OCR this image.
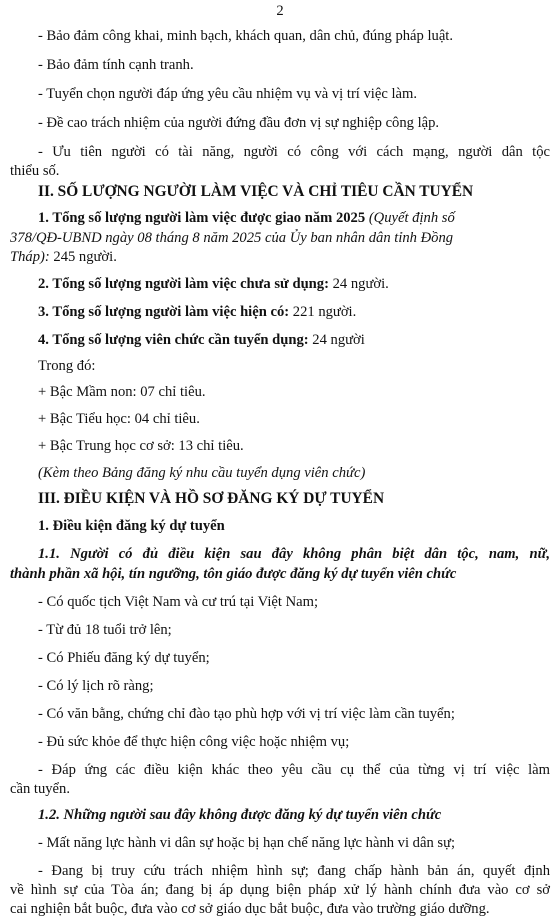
2
- Bảo đảm công khai, minh bạch, khách quan, dân chủ, đúng pháp luật.
- Bảo đảm tính cạnh tranh.
- Tuyển chọn người đáp ứng yêu cầu nhiệm vụ và vị trí việc làm.
- Đề cao trách nhiệm của người đứng đầu đơn vị sự nghiệp công lập.
- Ưu tiên người có tài năng, người có công với cách mạng, người dân tộc
thiểu số.
II. SỐ LƯỢNG NGƯỜI LÀM VIỆC VÀ CHỈ TIÊU CẦN TUYỂN
1. Tổng số lượng người làm việc được giao năm 2025 (Quyết định số
378/QĐ-UBND ngày 08 tháng 8 năm 2025 của Ủy ban nhân dân tỉnh Đồng
Tháp): 245 người.
2. Tổng số lượng người làm việc chưa sử dụng: 24 người.
3. Tổng số lượng người làm việc hiện có: 221 người.
4. Tổng số lượng viên chức cần tuyển dụng: 24 người
Trong đó:
+ Bậc Mầm non: 07 chỉ tiêu.
+ Bậc Tiểu học: 04 chỉ tiêu.
+ Bậc Trung học cơ sở: 13 chỉ tiêu.
(Kèm theo Bảng đăng ký nhu cầu tuyển dụng viên chức)
III. ĐIỀU KIỆN VÀ HỒ SƠ ĐĂNG KÝ DỰ TUYỂN
1. Điều kiện đăng ký dự tuyển
1.1. Người có đủ điều kiện sau đây không phân biệt dân tộc, nam, nữ,
thành phần xã hội, tín ngưỡng, tôn giáo được đăng ký dự tuyển viên chức
- Có quốc tịch Việt Nam và cư trú tại Việt Nam;
- Từ đủ 18 tuổi trở lên;
- Có Phiếu đăng ký dự tuyển;
- Có lý lịch rõ ràng;
- Có văn bằng, chứng chỉ đào tạo phù hợp với vị trí việc làm cần tuyển;
- Đủ sức khỏe để thực hiện công việc hoặc nhiệm vụ;
- Đáp ứng các điều kiện khác theo yêu cầu cụ thể của từng vị trí việc làm
cần tuyển.
1.2. Những người sau đây không được đăng ký dự tuyển viên chức
- Mất năng lực hành vi dân sự hoặc bị hạn chế năng lực hành vi dân sự;
- Đang bị truy cứu trách nhiệm hình sự; đang chấp hành bản án, quyết định
về hình sự của Tòa án; đang bị áp dụng biện pháp xử lý hành chính đưa vào cơ sở
cai nghiện bắt buộc, đưa vào cơ sở giáo dục bắt buộc, đưa vào trường giáo dưỡng.
